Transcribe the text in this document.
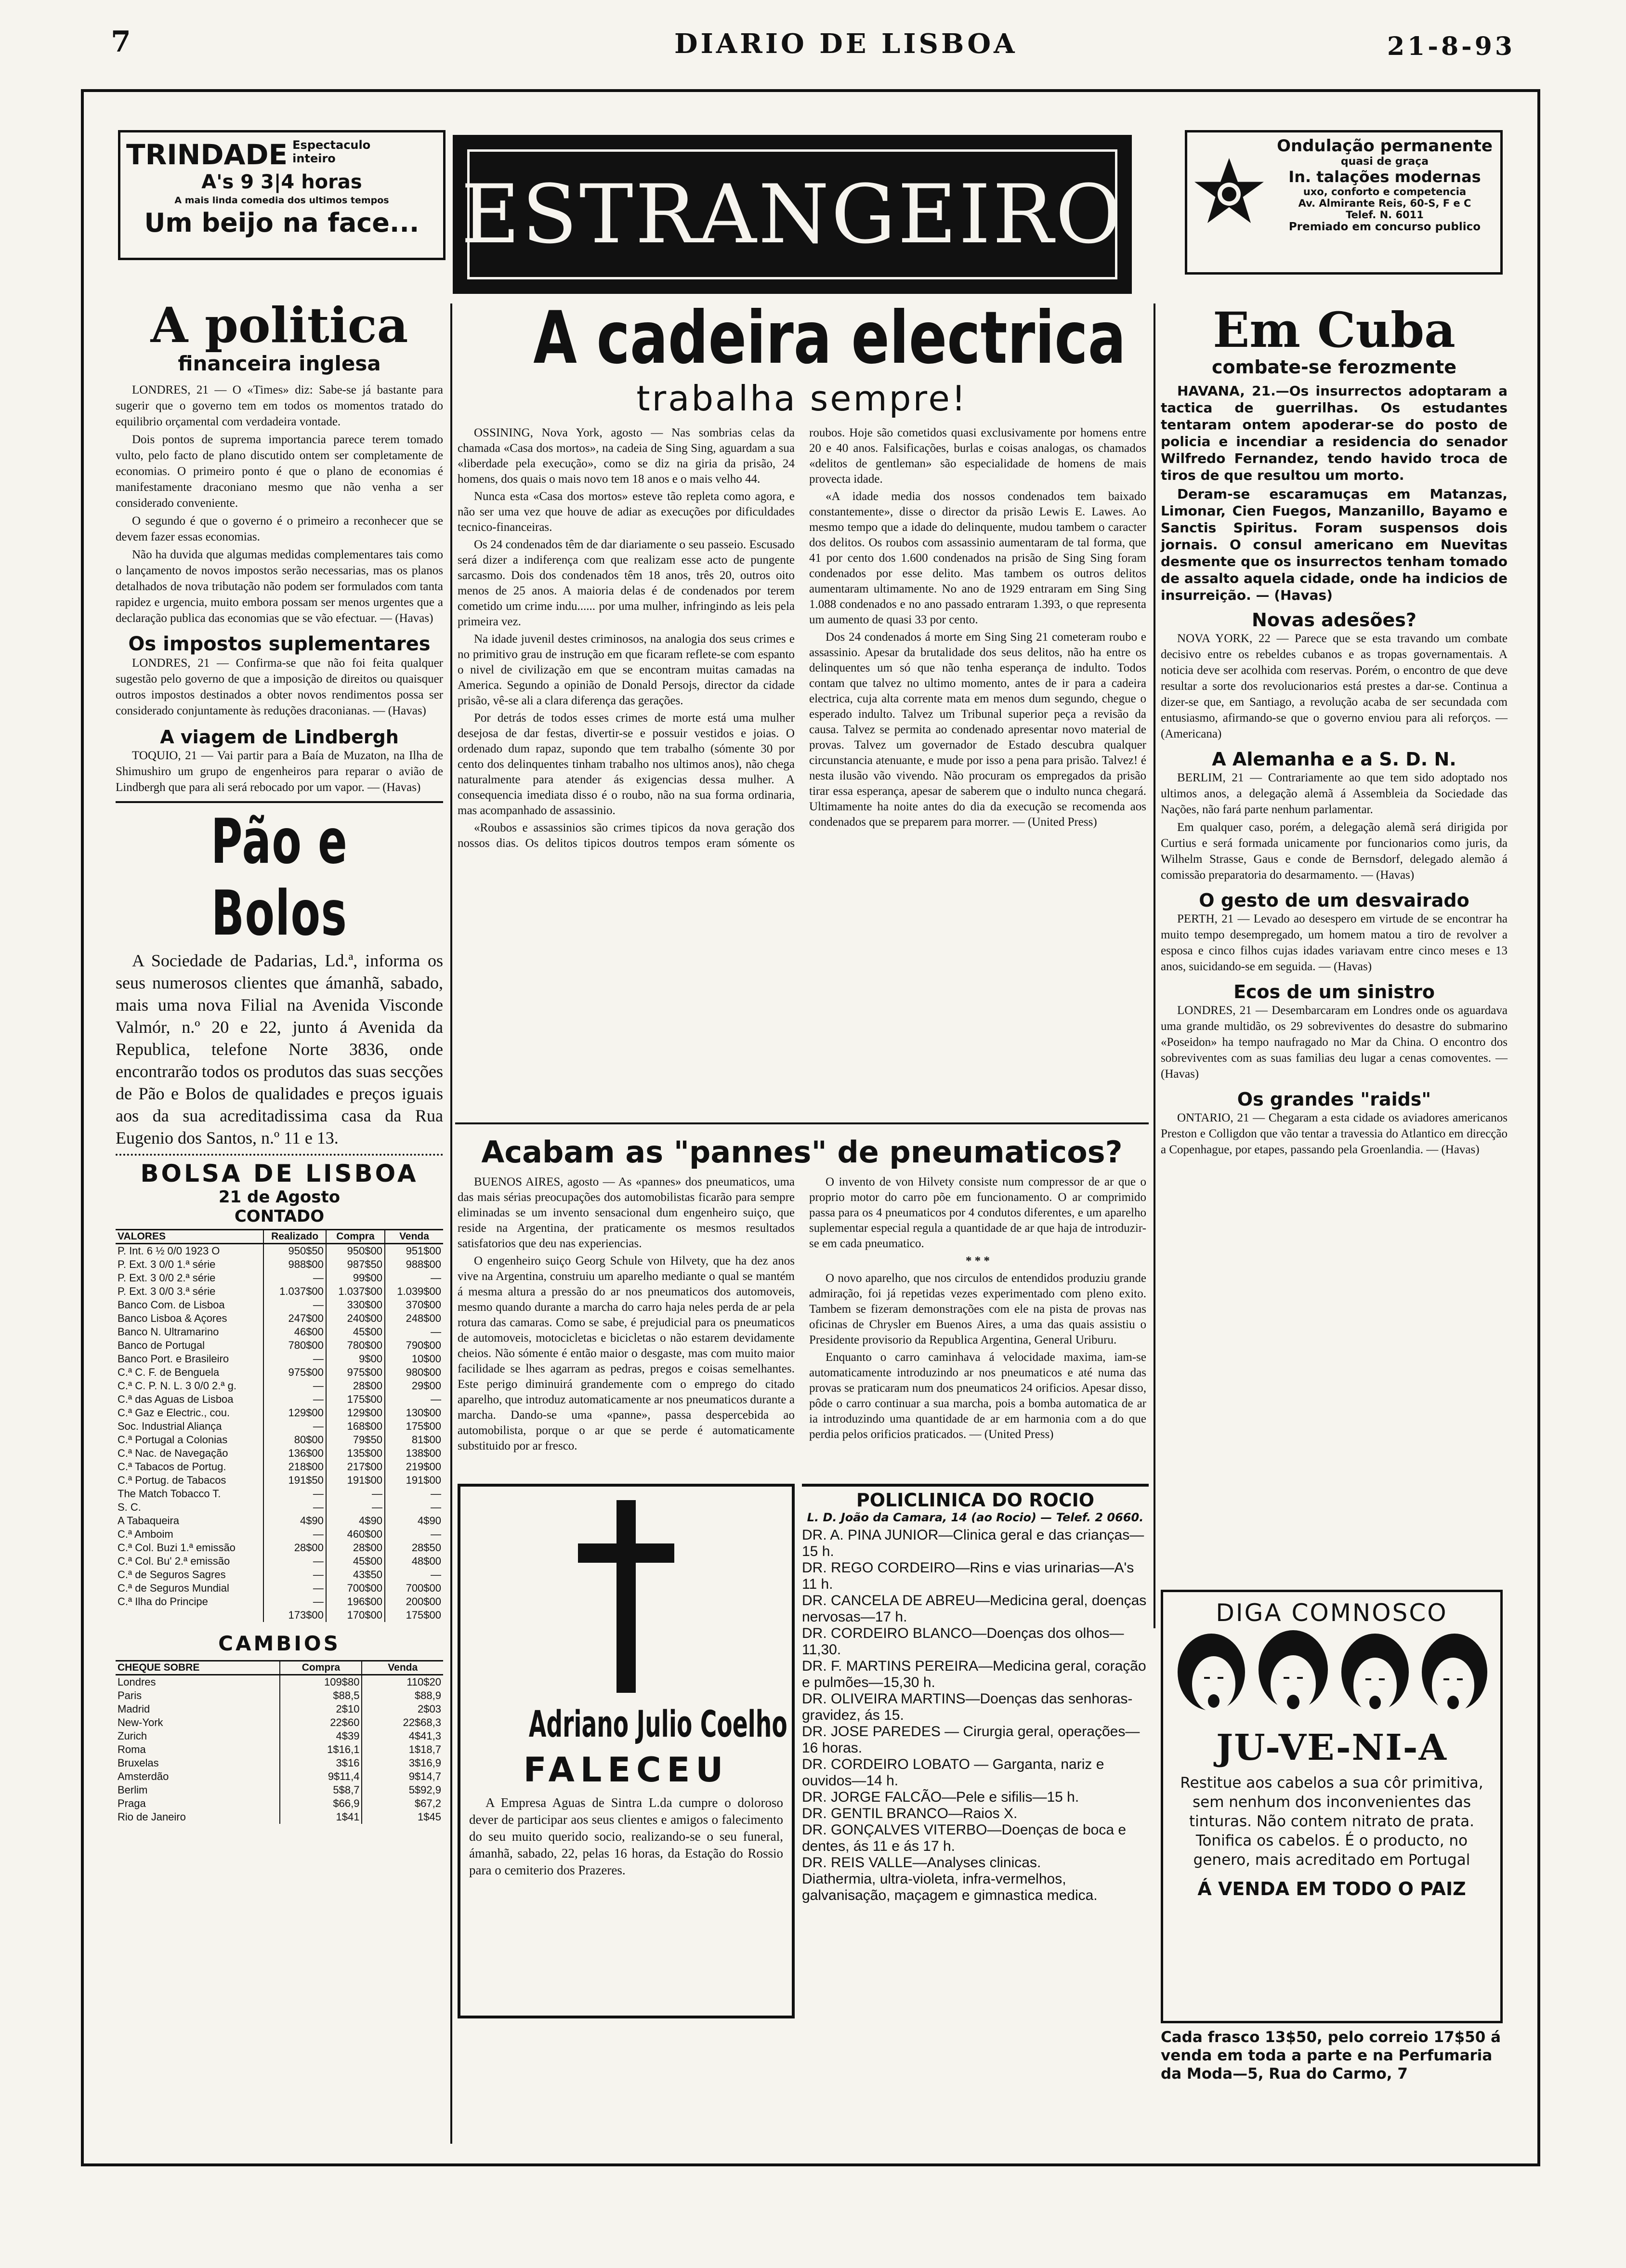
7	DIARIO DE LISBOA	21-8-93
TRINDADE Espectaculo inteiro
A's 9 3|4 horas
A mais linda comedia dos ultimos tempos
Um beijo na face... ESTRANGEIRO
Ondulação permanente
quasi de graça
In. talações modernas
uxo, conforto e competencia
Av. Almirante Reis, 60-S, F e C
Telef. N. 6011
Premiado em concurso publico
A politica
financeira inglesa

LONDRES, 21 — O «Times» diz: Sabe-se já bastante para sugerir que o governo tem em todos os momentos tratado do equilibrio orçamental com verdadeira vontade.

Dois pontos de suprema importancia parece terem tomado vulto, pelo facto de plano discutido ontem ser completamente de economias. O primeiro ponto é que o plano de economias é manifestamente draconiano mesmo que não venha a ser considerado conveniente.

O segundo é que o governo é o primeiro a reconhecer que se devem fazer essas economias.

Não ha duvida que algumas medidas complementares tais como o lançamento de novos impostos serão necessarias, mas os planos detalhados de nova tributação não podem ser formulados com tanta rapidez e urgencia, muito embora possam ser menos urgentes que a declaração publica das economias que se vão efectuar. — (Havas)

Os impostos suplementares

LONDRES, 21 — Confirma-se que não foi feita qualquer sugestão pelo governo de que a imposição de direitos ou quaisquer outros impostos destinados a obter novos rendimentos possa ser considerado conjuntamente às reduções draconianas. — (Havas)

A viagem de Lindbergh

TOQUIO, 21 — Vai partir para a Baía de Muzaton, na Ilha de Shimushiro um grupo de engenheiros para reparar o avião de Lindbergh que para ali será rebocado por um vapor. — (Havas)

Pão e Bolos

A Sociedade de Padarias, Ld.ª, informa os seus numerosos clientes que ámanhã, sabado, mais uma nova Filial na Avenida Visconde Valmór, n.º 20 e 22, junto á Avenida da Republica, telefone Norte 3836, onde encontrarão todos os produtos das suas secções de Pão e Bolos de qualidades e preços iguais aos da sua acreditadissima casa da Rua Eugenio dos Santos, n.º 11 e 13.

BOLSA DE LISBOA
21 de Agosto
CONTADO
VALORES	Realizado	Compra	Venda
P. Int. 6 ½ 0/0 1923 O	950$50	950$00	951$00
P. Ext. 3 0/0 1.ª série	988$00	987$50	988$00
P. Ext. 3 0/0 2.ª série	—	99$00	—
P. Ext. 3 0/0 3.ª série	1.037$00	1.037$00	1.039$00
Banco Com. de Lisboa	—	330$00	370$00
Banco Lisboa & Açores	247$00	240$00	248$00
Banco N. Ultramarino	46$00	45$00	—
Banco de Portugal	780$00	780$00	790$00
Banco Port. e Brasileiro	—	9$00	10$00
C.ª C. F. de Benguela	975$00	975$00	980$00
C.ª C. P. N. L. 3 0/0 2.ª g.	—	28$00	29$00
C.ª das Aguas de Lisboa	—	175$00	—
C.ª Gaz e Electric., cou.	129$00	129$00	130$00
Soc. Industrial Aliança	—	168$00	175$00
C.ª Portugal a Colonias	80$00	79$50	81$00
C.ª Nac. de Navegação	136$00	135$00	138$00
C.ª Tabacos de Portug.	218$00	217$00	219$00
C.ª Portug. de Tabacos	191$50	191$00	191$00
The Match Tobacco T.	—	—	—
S. C.	—	—	—
A Tabaqueira	4$90	4$90	4$90
C.ª Amboim	—	460$00	—
C.ª Col. Buzi 1.ª emissão	28$00	28$00	28$50
C.ª Col. Bu' 2.ª emissão	—	45$00	48$00
C.ª de Seguros Sagres	—	43$50	—
C.ª de Seguros Mundial	—	700$00	700$00
C.ª Ilha do Principe	—	196$00	200$00
	173$00	170$00	175$00
CAMBIOS
CHEQUE SOBRE	Compra	Venda
Londres	109$80	110$20
Paris	$88,5	$88,9
Madrid	2$10	2$03
New-York	22$60	22$68,3
Zurich	4$39	4$41,3
Roma	1$16,1	1$18,7
Bruxelas	3$16	3$16,9
Amsterdão	9$11,4	9$14,7
Berlim	5$8,7	5$92,9
Praga	$66,9	$67,2
Rio de Janeiro	1$41	1$45
A cadeira electrica
trabalha sempre!

OSSINING, Nova York, agosto — Nas sombrias celas da chamada «Casa dos mortos», na cadeia de Sing Sing, aguardam a sua «liberdade pela execução», como se diz na giria da prisão, 24 homens, dos quais o mais novo tem 18 anos e o mais velho 44.

Nunca esta «Casa dos mortos» esteve tão repleta como agora, e não ser uma vez que houve de adiar as execuções por dificuldades tecnico-financeiras.

Os 24 condenados têm de dar diariamente o seu passeio. Escusado será dizer a indiferença com que realizam esse acto de pungente sarcasmo. Dois dos condenados têm 18 anos, três 20, outros oito menos de 25 anos. A maioria delas é de condenados por terem cometido um crime indu...... por uma mulher, infringindo as leis pela primeira vez.

Na idade juvenil destes criminosos, na analogia dos seus crimes e no primitivo grau de instrução em que ficaram reflete-se com espanto o nivel de civilização em que se encontram muitas camadas na America. Segundo a opinião de Donald Persojs, director da cidade prisão, vê-se ali a clara diferença das gerações.

Por detrás de todos esses crimes de morte está uma mulher desejosa de dar festas, divertir-se e possuir vestidos e joias. O ordenado dum rapaz, supondo que tem trabalho (sómente 30 por cento dos delinquentes tinham trabalho nos ultimos anos), não chega naturalmente para atender ás exigencias dessa mulher. A consequencia imediata disso é o roubo, não na sua forma ordinaria, mas acompanhado de assassinio.

«Roubos e assassinios são crimes tipicos da nova geração dos nossos dias. Os delitos tipicos doutros tempos eram sómente os roubos. Hoje são cometidos quasi exclusivamente por homens entre 20 e 40 anos. Falsificações, burlas e coisas analogas, os chamados «delitos de gentleman» são especialidade de homens de mais provecta idade.

«A idade media dos nossos condenados tem baixado constantemente», disse o director da prisão Lewis E. Lawes. Ao mesmo tempo que a idade do delinquente, mudou tambem o caracter dos delitos. Os roubos com assassinio aumentaram de tal forma, que 41 por cento dos 1.600 condenados na prisão de Sing Sing foram condenados por esse delito. Mas tambem os outros delitos aumentaram ultimamente. No ano de 1929 entraram em Sing Sing 1.088 condenados e no ano passado entraram 1.393, o que representa um aumento de quasi 33 por cento.

Dos 24 condenados á morte em Sing Sing 21 cometeram roubo e assassinio. Apesar da brutalidade dos seus delitos, não ha entre os delinquentes um só que não tenha esperança de indulto. Todos contam que talvez no ultimo momento, antes de ir para a cadeira electrica, cuja alta corrente mata em menos dum segundo, chegue o esperado indulto. Talvez um Tribunal superior peça a revisão da causa. Talvez se permita ao condenado apresentar novo material de provas. Talvez um governador de Estado descubra qualquer circunstancia atenuante, e mude por isso a pena para prisão. Talvez! é nesta ilusão vão vivendo. Não procuram os empregados da prisão tirar essa esperança, apesar de saberem que o indulto nunca chegará. Ultimamente ha noite antes do dia da execução se recomenda aos condenados que se preparem para morrer. — (United Press)

Acabam as "pannes" de pneumaticos?

BUENOS AIRES, agosto — As «pannes» dos pneumaticos, uma das mais sérias preocupações dos automobilistas ficarão para sempre eliminadas se um invento sensacional dum engenheiro suiço, que reside na Argentina, der praticamente os mesmos resultados satisfatorios que deu nas experiencias.

O engenheiro suiço Georg Schule von Hilvety, que ha dez anos vive na Argentina, construiu um aparelho mediante o qual se mantém á mesma altura a pressão do ar nos pneumaticos dos automoveis, mesmo quando durante a marcha do carro haja neles perda de ar pela rotura das camaras. Como se sabe, é prejudicial para os pneumaticos de automoveis, motocicletas e bicicletas o não estarem devidamente cheios. Não sómente é então maior o desgaste, mas com muito maior facilidade se lhes agarram as pedras, pregos e coisas semelhantes. Este perigo diminuirá grandemente com o emprego do citado aparelho, que introduz automaticamente ar nos pneumaticos durante a marcha. Dando-se uma «panne», passa despercebida ao automobilista, porque o ar que se perde é automaticamente substituido por ar fresco.

O invento de von Hilvety consiste num compressor de ar que o proprio motor do carro põe em funcionamento. O ar comprimido passa para os 4 pneumaticos por 4 condutos diferentes, e um aparelho suplementar especial regula a quantidade de ar que haja de introduzir-se em cada pneumatico.

* * *

O novo aparelho, que nos circulos de entendidos produziu grande admiração, foi já repetidas vezes experimentado com pleno exito. Tambem se fizeram demonstrações com ele na pista de provas nas oficinas de Chrysler em Buenos Aires, a uma das quais assistiu o Presidente provisorio da Republica Argentina, General Uriburu.

Enquanto o carro caminhava á velocidade maxima, iam-se automaticamente introduzindo ar nos pneumaticos e até numa das provas se praticaram num dos pneumaticos 24 orificios. Apesar disso, pôde o carro continuar a sua marcha, pois a bomba automatica de ar ia introduzindo uma quantidade de ar em harmonia com a do que perdia pelos orificios praticados. — (United Press)

Adriano Julio Coelho
FALECEU

A Empresa Aguas de Sintra L.da cumpre o doloroso dever de participar aos seus clientes e amigos o falecimento do seu muito querido socio, realizando-se o seu funeral, ámanhã, sabado, 22, pelas 16 horas, da Estação do Rossio para o cemiterio dos Prazeres.

POLICLINICA DO ROCIO
L. D. João da Camara, 14 (ao Rocio) — Telef. 2 0660.

DR. A. PINA JUNIOR—Clinica geral e das crianças—15 h.

DR. REGO CORDEIRO—Rins e vias urinarias—A's 11 h.

DR. CANCELA DE ABREU—Medicina geral, doenças nervosas—17 h.

DR. CORDEIRO BLANCO—Doenças dos olhos—11,30.

DR. F. MARTINS PEREIRA—Medicina geral, coração e pulmões—15,30 h.

DR. OLIVEIRA MARTINS—Doenças das senhoras-gravidez, ás 15.

DR. JOSE PAREDES — Cirurgia geral, operações—16 horas.

DR. CORDEIRO LOBATO — Garganta, nariz e ouvidos—14 h.

DR. JORGE FALCÃO—Pele e sifilis—15 h.

DR. GENTIL BRANCO—Raios X.

DR. GONÇALVES VITERBO—Doenças de boca e dentes, ás 11 e ás 17 h.

DR. REIS VALLE—Analyses clinicas.

Diathermia, ultra-violeta, infra-vermelhos, galvanisação, maçagem e gimnastica medica.

Em Cuba
combate-se ferozmente

HAVANA, 21.—Os insurrectos adoptaram a tactica de guerrilhas. Os estudantes tentaram ontem apoderar-se do posto de policia e incendiar a residencia do senador Wilfredo Fernandez, tendo havido troca de tiros de que resultou um morto.

Deram-se escaramuças em Matanzas, Limonar, Cien Fuegos, Manzanillo, Bayamo e Sanctis Spiritus. Foram suspensos dois jornais. O consul americano em Nuevitas desmente que os insurrectos tenham tomado de assalto aquela cidade, onde ha indicios de insurreição. — (Havas)

Novas adesões?

NOVA YORK, 22 — Parece que se esta travando um combate decisivo entre os rebeldes cubanos e as tropas governamentais. A noticia deve ser acolhida com reservas. Porém, o encontro de que deve resultar a sorte dos revolucionarios está prestes a dar-se. Continua a dizer-se que, em Santiago, a revolução acaba de ser secundada com entusiasmo, afirmando-se que o governo enviou para ali reforços. — (Americana)

A Alemanha e a S. D. N.

BERLIM, 21 — Contrariamente ao que tem sido adoptado nos ultimos anos, a delegação alemã á Assembleia da Sociedade das Nações, não fará parte nenhum parlamentar.

Em qualquer caso, porém, a delegação alemã será dirigida por Curtius e será formada unicamente por funcionarios como juris, da Wilhelm Strasse, Gaus e conde de Bernsdorf, delegado alemão á comissão preparatoria do desarmamento. — (Havas)

O gesto de um desvairado

PERTH, 21 — Levado ao desespero em virtude de se encontrar ha muito tempo desempregado, um homem matou a tiro de revolver a esposa e cinco filhos cujas idades variavam entre cinco meses e 13 anos, suicidando-se em seguida. — (Havas)

Ecos de um sinistro

LONDRES, 21 — Desembarcaram em Londres onde os aguardava uma grande multidão, os 29 sobreviventes do desastre do submarino «Poseidon» ha tempo naufragado no Mar da China. O encontro dos sobreviventes com as suas familias deu lugar a cenas comoventes. — (Havas)

Os grandes "raids"

ONTARIO, 21 — Chegaram a esta cidade os aviadores americanos Preston e Colligdon que vão tentar a travessia do Atlantico em direcção a Copenhague, por etapes, passando pela Groenlandia. — (Havas)

DIGA COMNOSCO
JU-VE-NI-A
Restitue aos cabelos a sua côr primitiva, sem nenhum dos inconvenientes das tinturas. Não contem nitrato de prata. Tonifica os cabelos. É o producto, no genero, mais acreditado em Portugal
Á VENDA EM TODO O PAIZ
Cada frasco 13$50, pelo correio 17$50 á venda em toda a parte e na Perfumaria da Moda—5, Rua do Carmo, 7
